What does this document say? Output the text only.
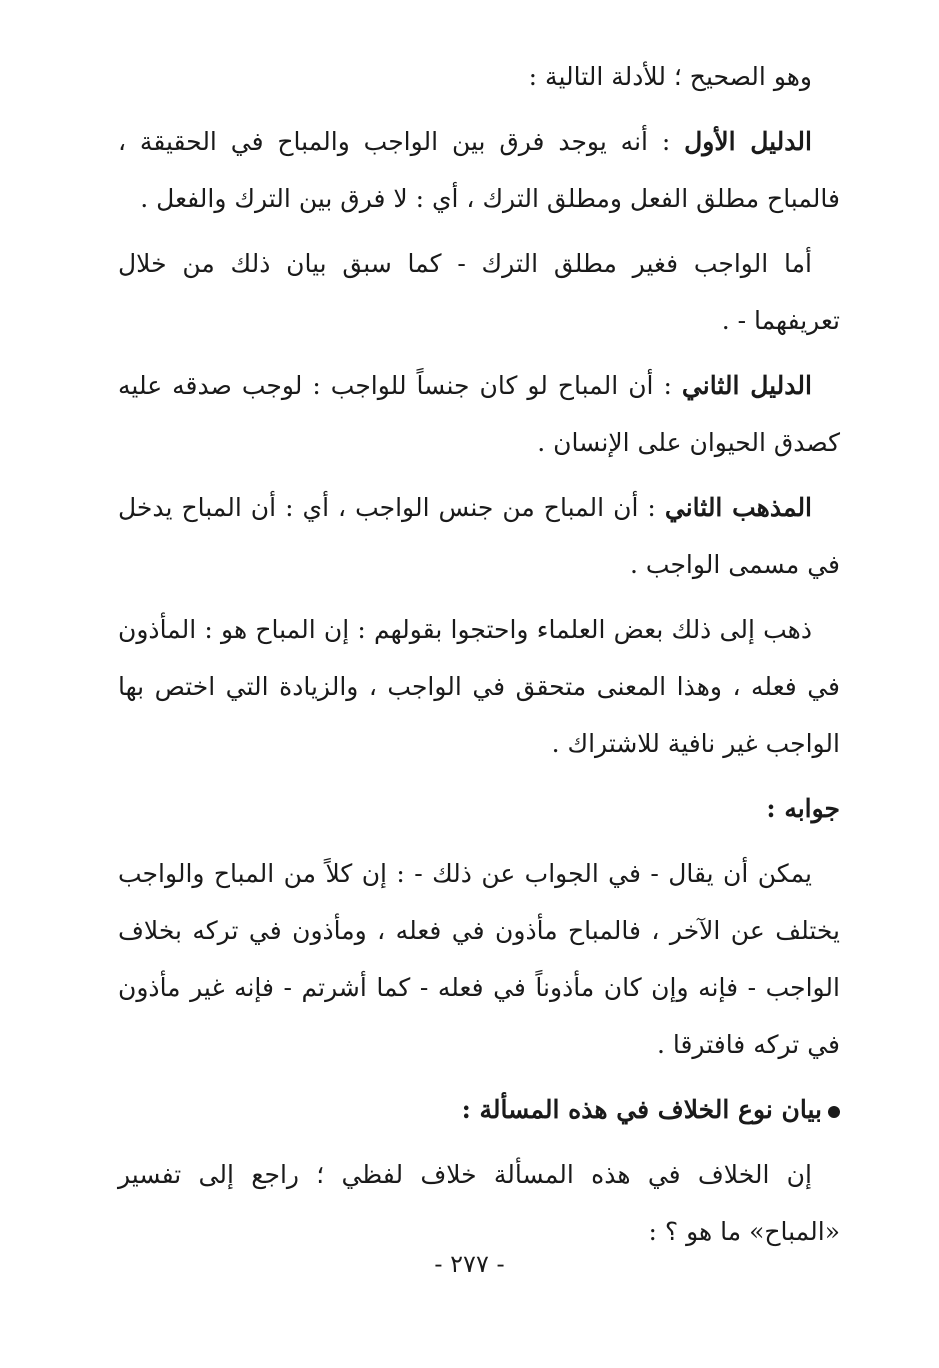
وهو الصحيح ؛ للأدلة التالية :

الدليل الأول : أنه يوجد فرق بين الواجب والمباح في الحقيقة ، فالمباح مطلق الفعل ومطلق الترك ، أي : لا فرق بين الترك والفعل .

أما الواجب فغير مطلق الترك - كما سبق بيان ذلك من خلال تعريفهما - .

الدليل الثاني : أن المباح لو كان جنساً للواجب : لوجب صدقه عليه كصدق الحيوان على الإنسان .

المذهب الثاني : أن المباح من جنس الواجب ، أي : أن المباح يدخل في مسمى الواجب .

ذهب إلى ذلك بعض العلماء واحتجوا بقولهم : إن المباح هو : المأذون في فعله ، وهذا المعنى متحقق في الواجب ، والزيادة التي اختص بها الواجب غير نافية للاشتراك .

جوابه :

يمكن أن يقال - في الجواب عن ذلك - : إن كلاً من المباح والواجب يختلف عن الآخر ، فالمباح مأذون في فعله ، ومأذون في تركه بخلاف الواجب - فإنه وإن كان مأذوناً في فعله - كما أشرتم - فإنه غير مأذون في تركه فافترقا .

بيان نوع الخلاف في هذه المسألة :

إن الخلاف في هذه المسألة خلاف لفظي ؛ راجع إلى تفسير «المباح» ما هو ؟ :

- ٢٧٧ -
